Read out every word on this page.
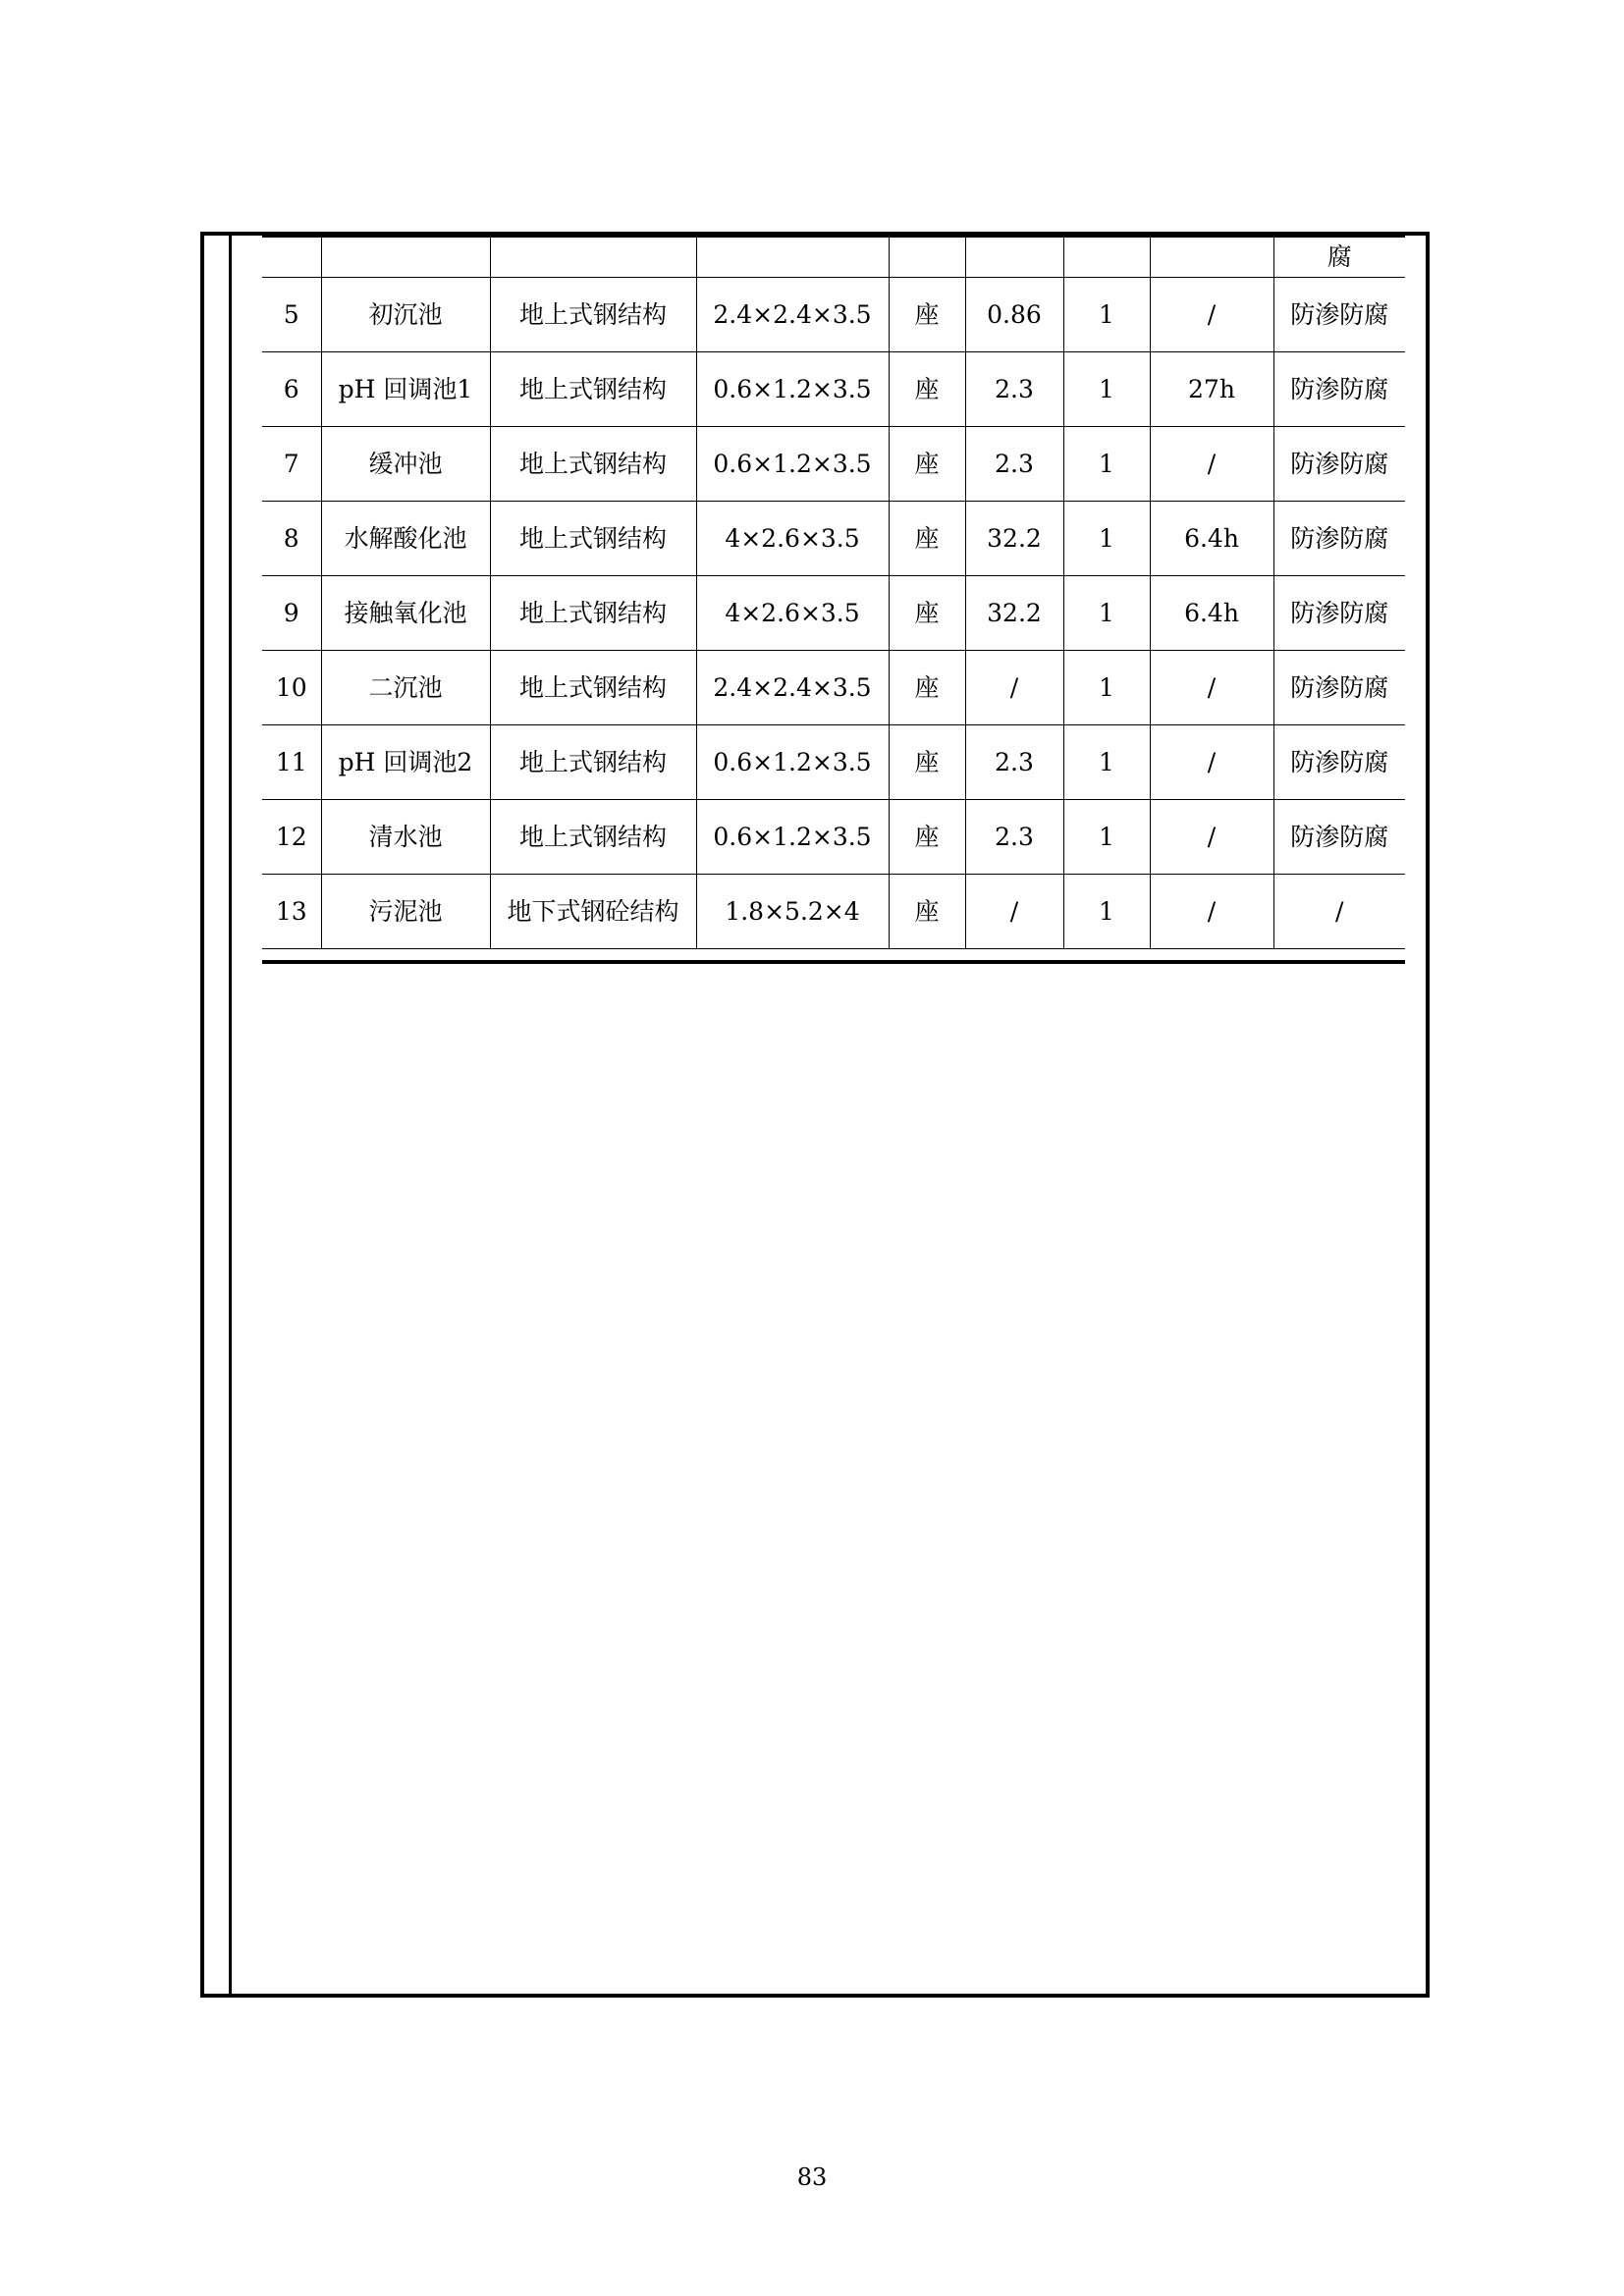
								腐
5	初沉池	地上式钢结构	2.4×2.4×3.5	座	0.86	1	/	防渗防腐
6	pH 回调池1	地上式钢结构	0.6×1.2×3.5	座	2.3	1	27h	防渗防腐
7	缓冲池	地上式钢结构	0.6×1.2×3.5	座	2.3	1	/	防渗防腐
8	水解酸化池	地上式钢结构	4×2.6×3.5	座	32.2	1	6.4h	防渗防腐
9	接触氧化池	地上式钢结构	4×2.6×3.5	座	32.2	1	6.4h	防渗防腐
10	二沉池	地上式钢结构	2.4×2.4×3.5	座	/	1	/	防渗防腐
11	pH 回调池2	地上式钢结构	0.6×1.2×3.5	座	2.3	1	/	防渗防腐
12	清水池	地上式钢结构	0.6×1.2×3.5	座	2.3	1	/	防渗防腐
13	污泥池	地下式钢砼结构	1.8×5.2×4	座	/	1	/	/
83
